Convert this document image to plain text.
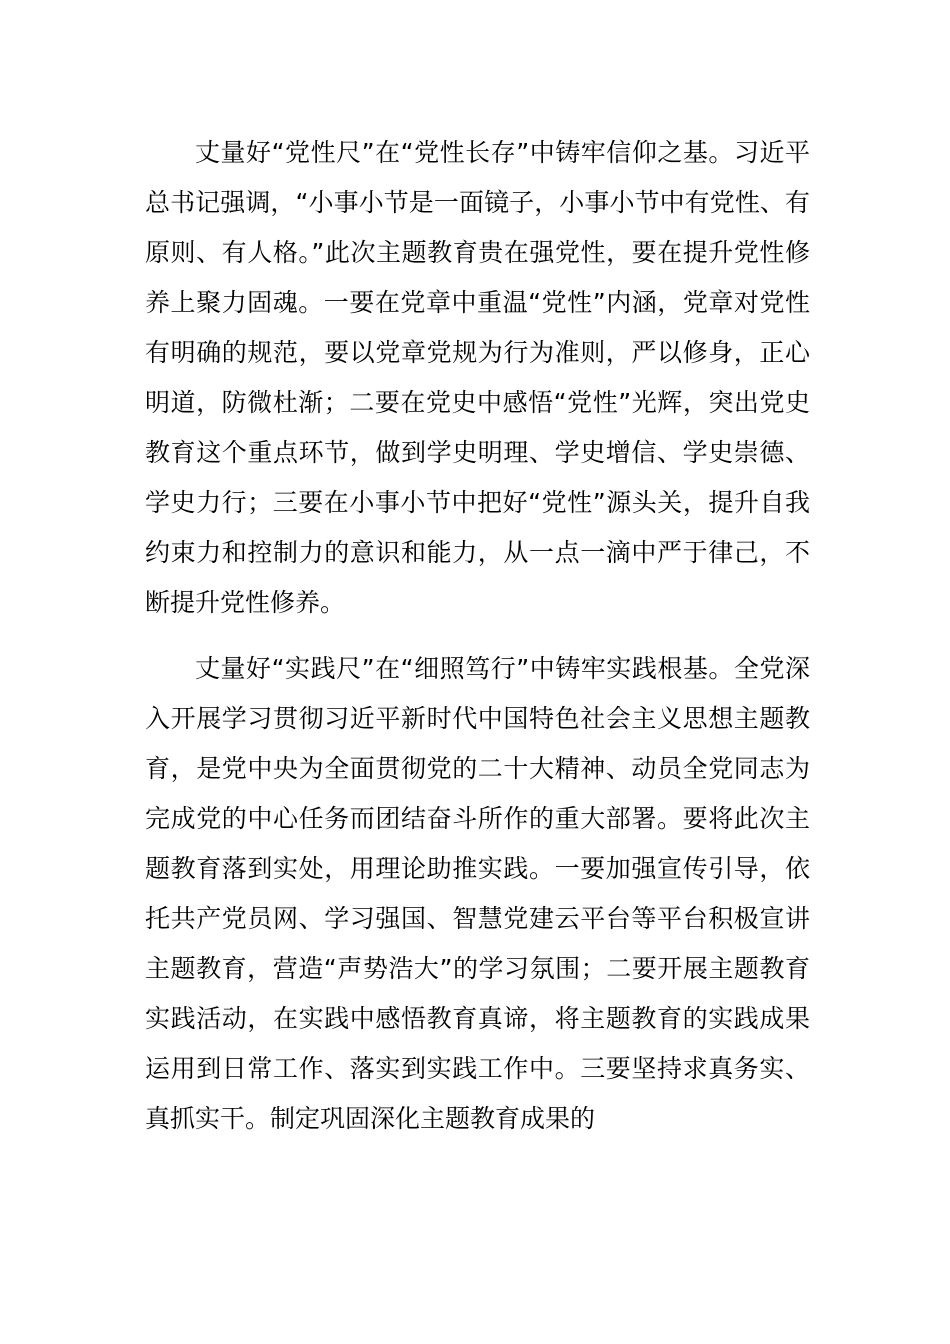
丈量好“党性尺”在“党性长存”中铸牢信仰之基。习近平总书记强调，“小事小节是一面镜子，小事小节中有党性、有原则、有人格。”此次主题教育贵在强党性，要在提升党性修养上聚力固魂。一要在党章中重温“党性”内涵，党章对党性有明确的规范，要以党章党规为行为准则，严以修身，正心明道，防微杜渐；二要在党史中感悟“党性”光辉，突出党史教育这个重点环节，做到学史明理、学史增信、学史崇德、学史力行；三要在小事小节中把好“党性”源头关，提升自我约束力和控制力的意识和能力，从一点一滴中严于律己，不断提升党性修养。

丈量好“实践尺”在“细照笃行”中铸牢实践根基。全党深入开展学习贯彻习近平新时代中国特色社会主义思想主题教育，是党中央为全面贯彻党的二十大精神、动员全党同志为完成党的中心任务而团结奋斗所作的重大部署。要将此次主题教育落到实处，用理论助推实践。一要加强宣传引导，依托共产党员网、学习强国、智慧党建云平台等平台积极宣讲主题教育，营造“声势浩大”的学习氛围；二要开展主题教育实践活动，在实践中感悟教育真谛，将主题教育的实践成果运用到日常工作、落实到实践工作中。三要坚持求真务实、真抓实干。制定巩固深化主题教育成果的
